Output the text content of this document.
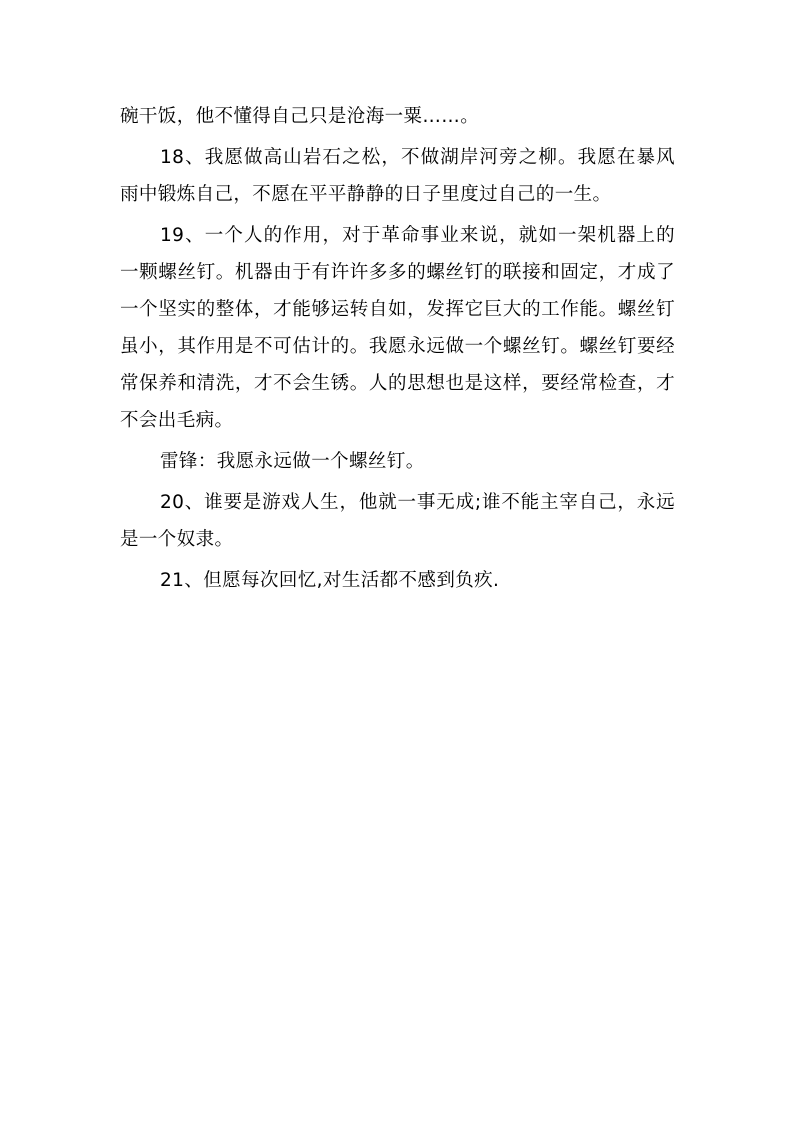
碗干饭，他不懂得自己只是沧海一粟……。

18、我愿做高山岩石之松，不做湖岸河旁之柳。我愿在暴风雨中锻炼自己，不愿在平平静静的日子里度过自己的一生。

19、一个人的作用，对于革命事业来说，就如一架机器上的一颗螺丝钉。机器由于有许许多多的螺丝钉的联接和固定，才成了一个坚实的整体，才能够运转自如，发挥它巨大的工作能。螺丝钉虽小，其作用是不可估计的。我愿永远做一个螺丝钉。螺丝钉要经常保养和清洗，才不会生锈。人的思想也是这样，要经常检查，才不会出毛病。

雷锋：我愿永远做一个螺丝钉。

20、谁要是游戏人生，他就一事无成;谁不能主宰自己，永远是一个奴隶。

21、但愿每次回忆,对生活都不感到负疚.
